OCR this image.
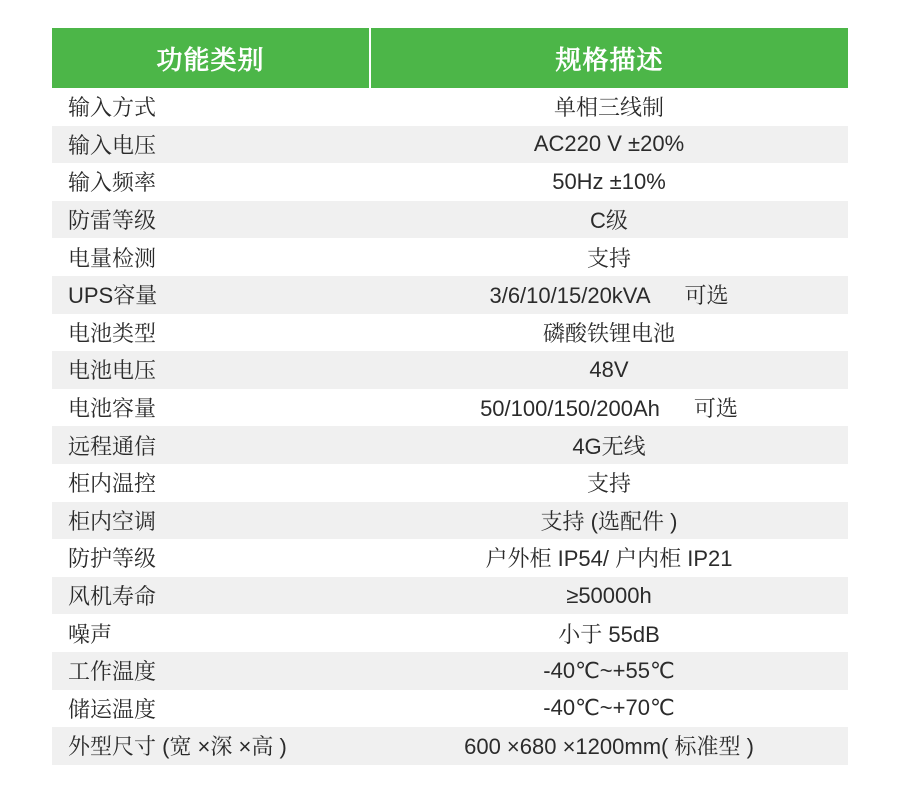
功能类别	规格描述
输入方式	单相三线制
输入电压	AC220 V ±20%
输入频率	50Hz ±10%
防雷等级	C级
电量检测	支持
UPS容量	3/6/10/15/20kVA 可选
电池类型	磷酸铁锂电池
电池电压	48V
电池容量	50/100/150/200Ah 可选
远程通信	4G无线
柜内温控	支持
柜内空调	支持 (选配件 )
防护等级	户外柜 IP54/ 户内柜 IP21
风机寿命	≥50000h
噪声	小于 55dB
工作温度	-40℃~+55℃
储运温度	-40℃~+70℃
外型尺寸 (宽 ×深 ×高 )	600 ×680 ×1200mm( 标准型 )
